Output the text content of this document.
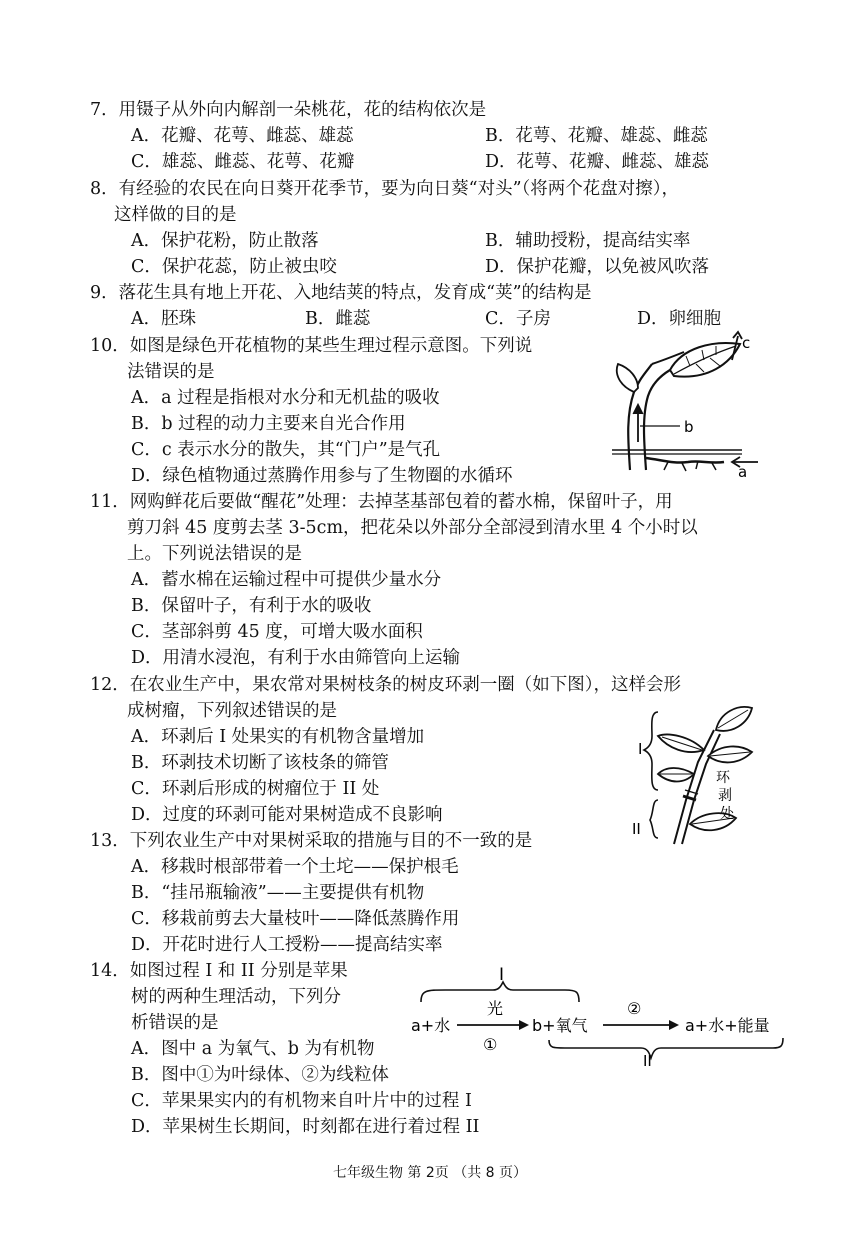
7．用镊子从外向内解剖一朵桃花，花的结构依次是
A．花瓣、花萼、雌蕊、雄蕊	B．花萼、花瓣、雄蕊、雌蕊
C．雄蕊、雌蕊、花萼、花瓣	D．花萼、花瓣、雌蕊、雄蕊
8．有经验的农民在向日葵开花季节，要为向日葵“对头”（将两个花盘对擦），
这样做的目的是
A．保护花粉，防止散落	B．辅助授粉，提高结实率
C．保护花蕊，防止被虫咬	D．保护花瓣，以免被风吹落
9．落花生具有地上开花、入地结荚的特点，发育成“荚”的结构是
A．胚珠	B．雌蕊	C．子房	D．卵细胞
10．如图是绿色开花植物的某些生理过程示意图。下列说
法错误的是
A．a 过程是指根对水分和无机盐的吸收
B．b 过程的动力主要来自光合作用
C．c 表示水分的散失，其“门户”是气孔
D．绿色植物通过蒸腾作用参与了生物圈的水循环
c
b
a
11．网购鲜花后要做“醒花”处理：去掉茎基部包着的蓄水棉，保留叶子，用
剪刀斜 45 度剪去茎 3-5cm，把花朵以外部分全部浸到清水里 4 个小时以
上。下列说法错误的是
A．蓄水棉在运输过程中可提供少量水分
B．保留叶子，有利于水的吸收
C．茎部斜剪 45 度，可增大吸水面积
D．用清水浸泡，有利于水由筛管向上运输
12．在农业生产中，果农常对果树枝条的树皮环剥一圈（如下图），这样会形
成树瘤，下列叙述错误的是
A．环剥后 I 处果实的有机物含量增加
B．环剥技术切断了该枝条的筛管
C．环剥后形成的树瘤位于 II 处
D．过度的环剥可能对果树造成不良影响
I
II
环
剥
处
13．下列农业生产中对果树采取的措施与目的不一致的是
A．移栽时根部带着一个土坨——保护根毛
B．“挂吊瓶输液”——主要提供有机物
C．移栽前剪去大量枝叶——降低蒸腾作用
D．开花时进行人工授粉——提高结实率
14．如图过程 I 和 II 分别是苹果
树的两种生理活动，下列分
析错误的是
A．图中 a 为氧气、b 为有机物
B．图中①为叶绿体、②为线粒体
C．苹果果实内的有机物来自叶片中的过程 I
D．苹果树生长期间，时刻都在进行着过程 II
I
a+水
光
①
b+氧气
②
a+水+能量
II
七年级生物 第 2页 （共 8 页）
